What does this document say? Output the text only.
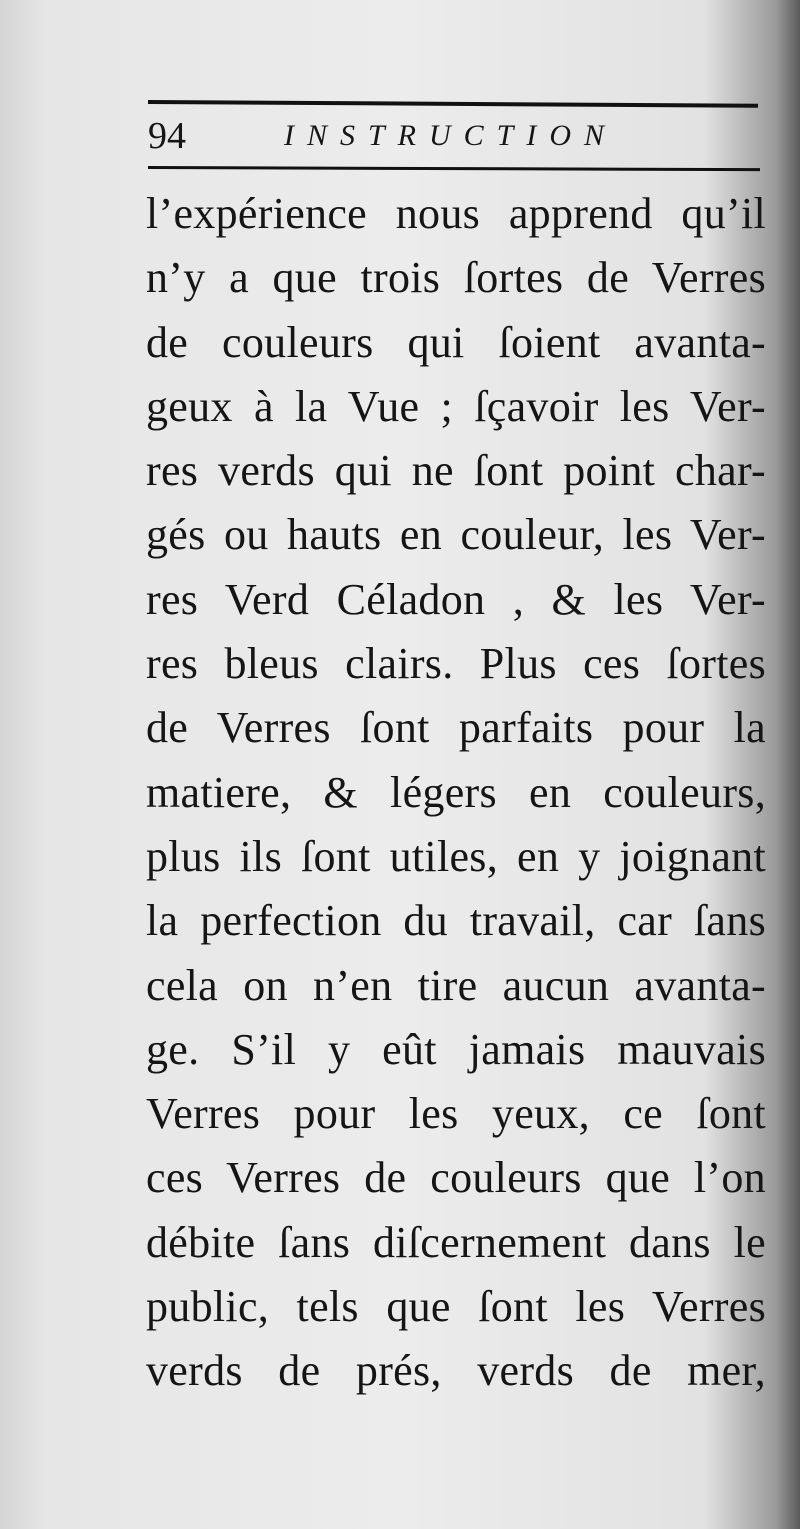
94	INSTRUCTION
l’expérience nous apprend qu’il
n’y a que trois ſortes de Verres
de couleurs qui ſoient avanta-
geux à la Vue ; ſçavoir les Ver-
res verds qui ne ſont point char-
gés ou hauts en couleur, les Ver-
res Verd Céladon , & les Ver-
res bleus clairs. Plus ces ſortes
de Verres ſont parfaits pour la
matiere, & légers en couleurs,
plus ils ſont utiles, en y joignant
la perfection du travail, car ſans
cela on n’en tire aucun avanta-
ge. S’il y eût jamais mauvais
Verres pour les yeux, ce ſont
ces Verres de couleurs que l’on
débite ſans diſcernement dans le
public, tels que ſont les Verres
verds de prés, verds de mer,
